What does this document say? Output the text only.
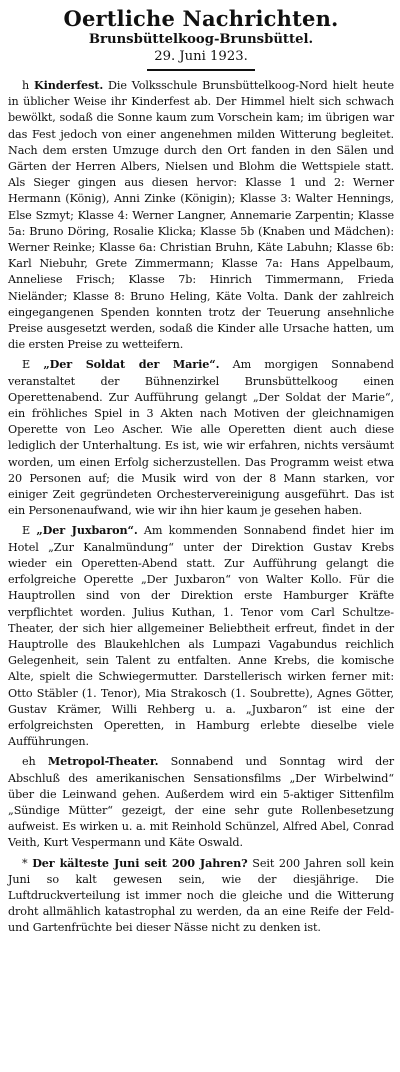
Oertliche Nachrichten.
Brunsbüttelkoog-Brunsbüttel.
29. Juni 1923.

h Kinderfest. Die Volksschule Brunsbüttelkoog-Nord hielt heute in üblicher Weise ihr Kinderfest ab. Der Himmel hielt sich schwach bewölkt, sodaß die Sonne kaum zum Vorschein kam; im übrigen war das Fest jedoch von einer angenehmen milden Witterung begleitet. Nach dem ersten Umzuge durch den Ort fanden in den Sälen und Gärten der Herren Albers, Nielsen und Blohm die Wettspiele statt. Als Sieger gingen aus diesen hervor: Klasse 1 und 2: Werner Hermann (König), Anni Zinke (Königin); Klasse 3: Walter Hennings, Else Szmyt; Klasse 4: Werner Langner, Annemarie Zarpentin; Klasse 5a: Bruno Döring, Rosalie Klicka; Klasse 5b (Knaben und Mädchen): Werner Reinke; Klasse 6a: Christian Bruhn, Käte Labuhn; Klasse 6b: Karl Niebuhr, Grete Zimmermann; Klasse 7a: Hans Appelbaum, Anneliese Frisch; Klasse 7b: Hinrich Timmermann, Frieda Nieländer; Klasse 8: Bruno Heling, Käte Volta. Dank der zahlreich eingegangenen Spenden konnten trotz der Teuerung ansehnliche Preise ausgesetzt werden, sodaß die Kinder alle Ursache hatten, um die ersten Preise zu wetteifern.

E „Der Soldat der Marie“. Am morgigen Sonnabend veranstaltet der Bühnenzirkel Brunsbüttelkoog einen Operettenabend. Zur Aufführung gelangt „Der Soldat der Marie“, ein fröhliches Spiel in 3 Akten nach Motiven der gleichnamigen Operette von Leo Ascher. Wie alle Operetten dient auch diese lediglich der Unterhaltung. Es ist, wie wir erfahren, nichts versäumt worden, um einen Erfolg sicherzustellen. Das Programm weist etwa 20 Personen auf; die Musik wird von der 8 Mann starken, vor einiger Zeit gegründeten Orchestervereinigung ausgeführt. Das ist ein Personenaufwand, wie wir ihn hier kaum je gesehen haben.

E „Der Juxbaron“. Am kommenden Sonnabend findet hier im Hotel „Zur Kanalmündung“ unter der Direktion Gustav Krebs wieder ein Operetten-Abend statt. Zur Aufführung gelangt die erfolgreiche Operette „Der Juxbaron“ von Walter Kollo. Für die Hauptrollen sind von der Direktion erste Hamburger Kräfte verpflichtet worden. Julius Kuthan, 1. Tenor vom Carl Schultze-Theater, der sich hier allgemeiner Beliebtheit erfreut, findet in der Hauptrolle des Blaukehlchen als Lumpazi Vagabundus reichlich Gelegenheit, sein Talent zu entfalten. Anne Krebs, die komische Alte, spielt die Schwiegermutter. Darstellerisch wirken ferner mit: Otto Stäbler (1. Tenor), Mia Strakosch (1. Soubrette), Agnes Götter, Gustav Krämer, Willi Rehberg u. a. „Juxbaron“ ist eine der erfolgreichsten Operetten, in Hamburg erlebte dieselbe viele Aufführungen.

eh Metropol-Theater. Sonnabend und Sonntag wird der Abschluß des amerikanischen Sensationsfilms „Der Wirbelwind“ über die Leinwand gehen. Außerdem wird ein 5-aktiger Sittenfilm „Sündige Mütter“ gezeigt, der eine sehr gute Rollenbesetzung aufweist. Es wirken u. a. mit Reinhold Schünzel, Alfred Abel, Conrad Veith, Kurt Vespermann und Käte Oswald.

* Der kälteste Juni seit 200 Jahren? Seit 200 Jahren soll kein Juni so kalt gewesen sein, wie der diesjährige. Die Luftdruckverteilung ist immer noch die gleiche und die Witterung droht allmählich katastrophal zu werden, da an eine Reife der Feld- und Gartenfrüchte bei dieser Nässe nicht zu denken ist.
